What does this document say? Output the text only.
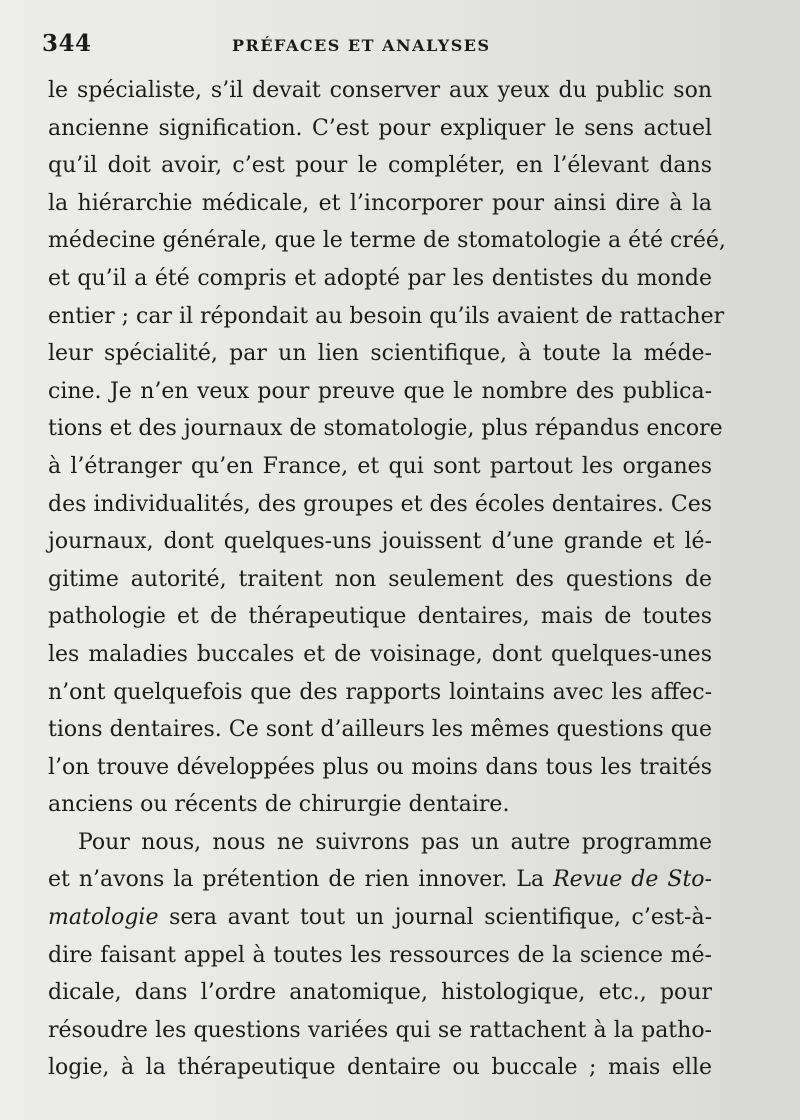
344	PRÉFACES ET ANALYSES
le spécialiste, s’il devait conserver aux yeux du public son
ancienne signification. C’est pour expliquer le sens actuel
qu’il doit avoir, c’est pour le compléter, en l’élevant dans
la hiérarchie médicale, et l’incorporer pour ainsi dire à la
médecine générale, que le terme de stomatologie a été créé,
et qu’il a été compris et adopté par les dentistes du monde
entier ; car il répondait au besoin qu’ils avaient de rattacher
leur spécialité, par un lien scientifique, à toute la méde-
cine. Je n’en veux pour preuve que le nombre des publica-
tions et des journaux de stomatologie, plus répandus encore
à l’étranger qu’en France, et qui sont partout les organes
des individualités, des groupes et des écoles dentaires. Ces
journaux, dont quelques-uns jouissent d’une grande et lé-
gitime autorité, traitent non seulement des questions de
pathologie et de thérapeutique dentaires, mais de toutes
les maladies buccales et de voisinage, dont quelques-unes
n’ont quelquefois que des rapports lointains avec les affec-
tions dentaires. Ce sont d’ailleurs les mêmes questions que
l’on trouve développées plus ou moins dans tous les traités
anciens ou récents de chirurgie dentaire.
Pour nous, nous ne suivrons pas un autre programme
et n’avons la prétention de rien innover. La Revue de Sto-
matologie sera avant tout un journal scientifique, c’est-à-
dire faisant appel à toutes les ressources de la science mé-
dicale, dans l’ordre anatomique, histologique, etc., pour
résoudre les questions variées qui se rattachent à la patho-
logie, à la thérapeutique dentaire ou buccale ; mais elle
